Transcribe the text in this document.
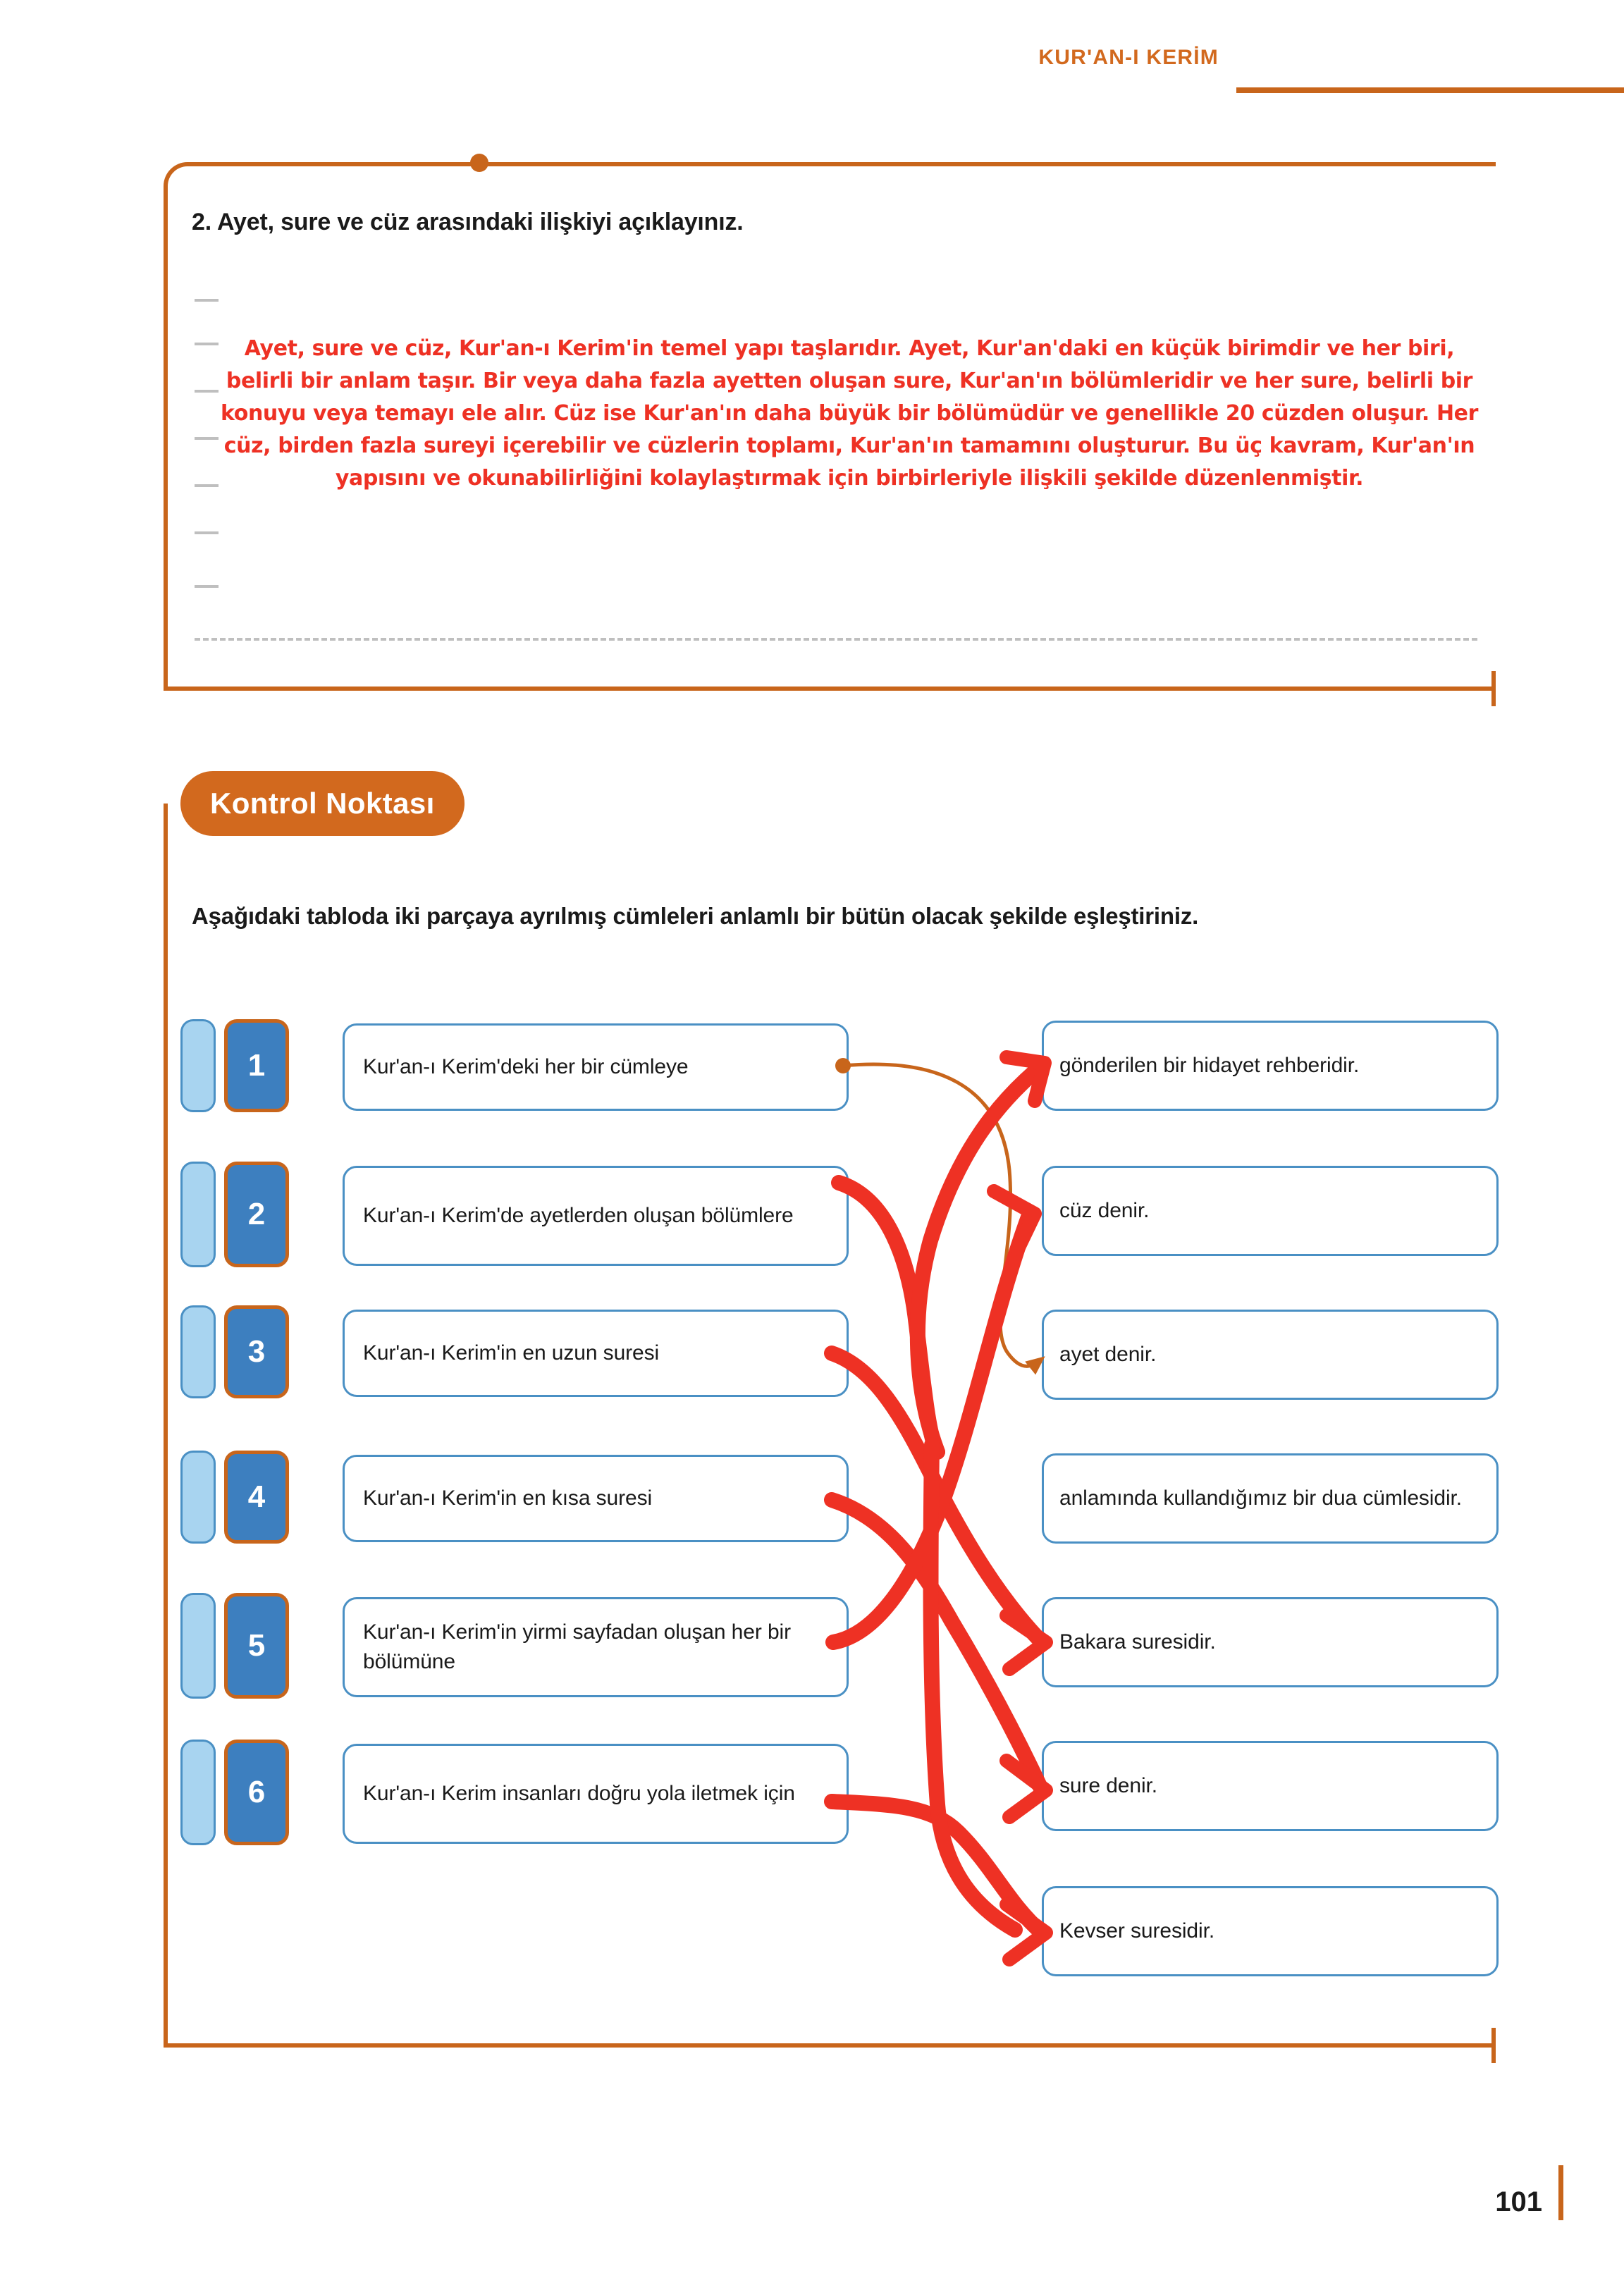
KUR'AN-I KERİM
2. Ayet, sure ve cüz arasındaki ilişkiyi açıklayınız.
Ayet, sure ve cüz, Kur'an-ı Kerim'in temel yapı taşlarıdır. Ayet, Kur'an'daki en küçük birimdir ve her biri, belirli bir anlam taşır. Bir veya daha fazla ayetten oluşan sure, Kur'an'ın bölümleridir ve her sure, belirli bir konuyu veya temayı ele alır. Cüz ise Kur'an'ın daha büyük bir bölümüdür ve genellikle 20 cüzden oluşur. Her cüz, birden fazla sureyi içerebilir ve cüzlerin toplamı, Kur'an'ın tamamını oluşturur. Bu üç kavram, Kur'an'ın yapısını ve okunabilirliğini kolaylaştırmak için birbirleriyle ilişkili şekilde düzenlenmiştir.
Kontrol Noktası
Aşağıdaki tabloda iki parçaya ayrılmış cümleleri anlamlı bir bütün olacak şekilde eşleştiriniz.
1	Kur'an-ı Kerim'deki her bir cümleye
2	Kur'an-ı Kerim'de ayetlerden oluşan bölümlere
3	Kur'an-ı Kerim'in en uzun suresi
4	Kur'an-ı Kerim'in en kısa suresi
5	Kur'an-ı Kerim'in yirmi sayfadan oluşan her bir bölümüne
6	Kur'an-ı Kerim insanları doğru yola iletmek için
gönderilen bir hidayet rehberidir.
cüz denir.
ayet denir.
anlamında kullandığımız bir dua cümlesidir.
Bakara suresidir.
sure denir.
Kevser suresidir.
101
